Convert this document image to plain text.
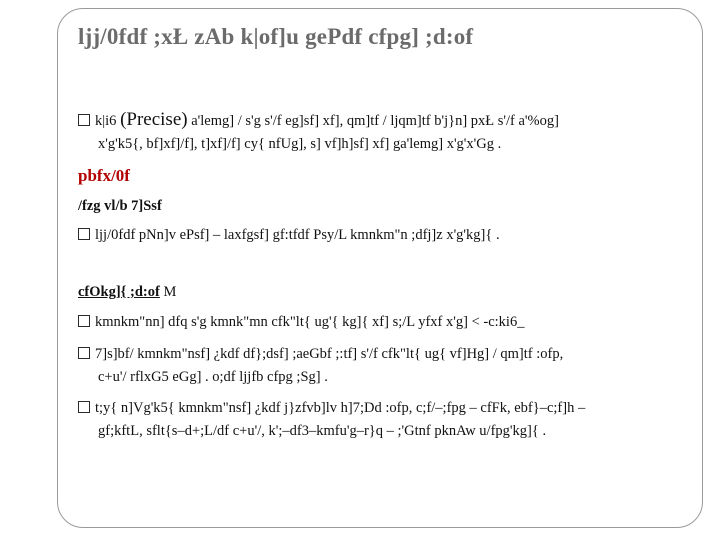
ljj/0fdf ;xŁ zAb k|of]u gePdf cfpg] ;d:of
k|i6 (Precise) a'lemg] / s'g s'/f eg]sf] xf], qm]tf / ljqm]tf b'j}n] pxŁ s'/f a'%og]
x'g'k5{, bf]xf]/f], t]xf]/f] cy{ nfUg], s] vf]h]sf] xf] ga'lemg] x'g'x'Gg .
pbfx/0f
/fzg vl/b 7]Ssf
ljj/0fdf pNn]v ePsf] – laxfgsf] gf:tfdf Psy/L kmnkm"n ;dfj]z x'g'kg]{ .
cfOkg]{ ;d:of M
kmnkm"nn] dfq s'g kmnk"mn cfk"lt{ ug'{ kg]{ xf] s;/L yfxf x'g] < -c:ki6_
7]s]bf/ kmnkm"nsf] ¿kdf df};dsf] ;aeGbf ;:tf] s'/f cfk"lt{ ug{ vf]Hg] / qm]tf :ofp,
c+u'/ rflxG5 eGg] . o;df ljjfb cfpg ;Sg] .
t;y{ n]Vg'k5{ kmnkm"nsf] ¿kdf j}zfvb]lv h]7;Dd :ofp, c;f/–;fpg – cfFk, ebf}–c;f]h –
gf;kftL, sflt{s–d+;L/df c+u'/, k';–df3–kmfu'g–r}q – ;'Gtnf pknAw u/fpg'kg]{ .
